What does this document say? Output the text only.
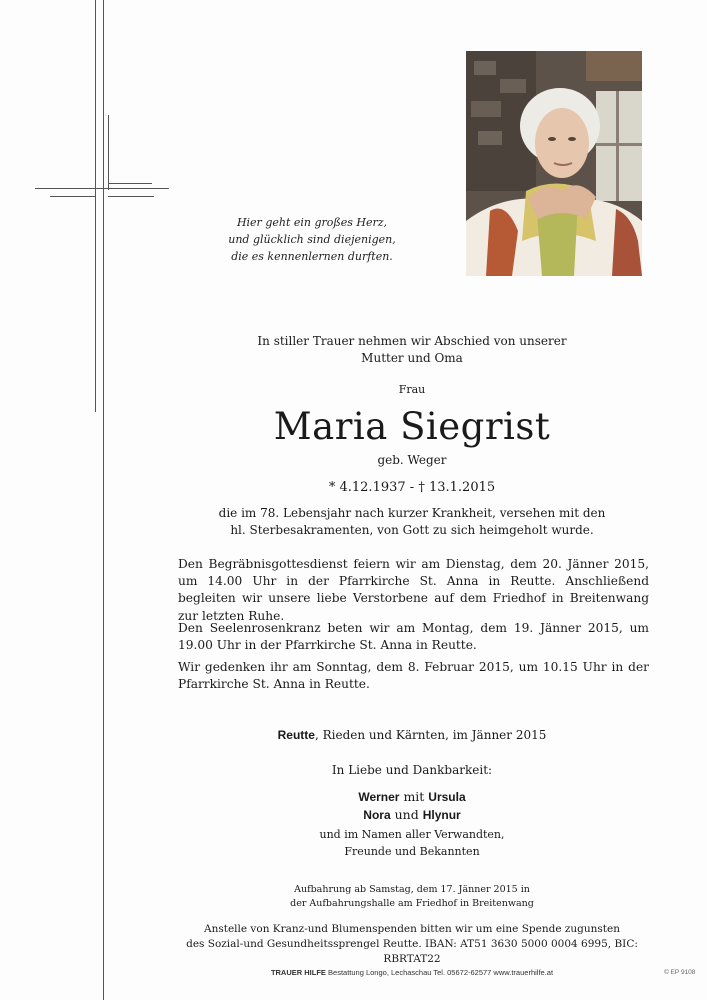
Hier geht ein großes Herz,
und glücklich sind diejenigen,
die es kennenlernen durften.
In stiller Trauer nehmen wir Abschied von unserer
Mutter und Oma
Frau
Maria Siegrist
geb. Weger
* 4.12.1937 - † 13.1.2015
die im 78. Lebensjahr nach kurzer Krankheit, versehen mit den
hl. Sterbesakramenten, von Gott zu sich heimgeholt wurde.
Den Begräbnisgottesdienst feiern wir am Dienstag, dem 20. Jänner 2015, um 14.00 Uhr in der Pfarrkirche St. Anna in Reutte. Anschließend begleiten wir unsere liebe Verstorbene auf dem Friedhof in Breitenwang zur letzten Ruhe.
Den Seelenrosenkranz beten wir am Montag, dem 19. Jänner 2015, um 19.00 Uhr in der Pfarrkirche St. Anna in Reutte.
Wir gedenken ihr am Sonntag, dem 8. Februar 2015, um 10.15 Uhr in der Pfarrkirche St. Anna in Reutte.
Reutte, Rieden und Kärnten, im Jänner 2015
In Liebe und Dankbarkeit:
Werner mit Ursula
Nora und Hlynur
und im Namen aller Verwandten,
Freunde und Bekannten
Aufbahrung ab Samstag, dem 17. Jänner 2015 in
der Aufbahrungshalle am Friedhof in Breitenwang
Anstelle von Kranz-und Blumenspenden bitten wir um eine Spende zugunsten
des Sozial-und Gesundheitssprengel Reutte. IBAN: AT51 3630 5000 0004 6995, BIC: RBRTAT22
TRAUER HILFE Bestattung Longo, Lechaschau Tel. 05672-62577 www.trauerhilfe.at	© EP 9108
